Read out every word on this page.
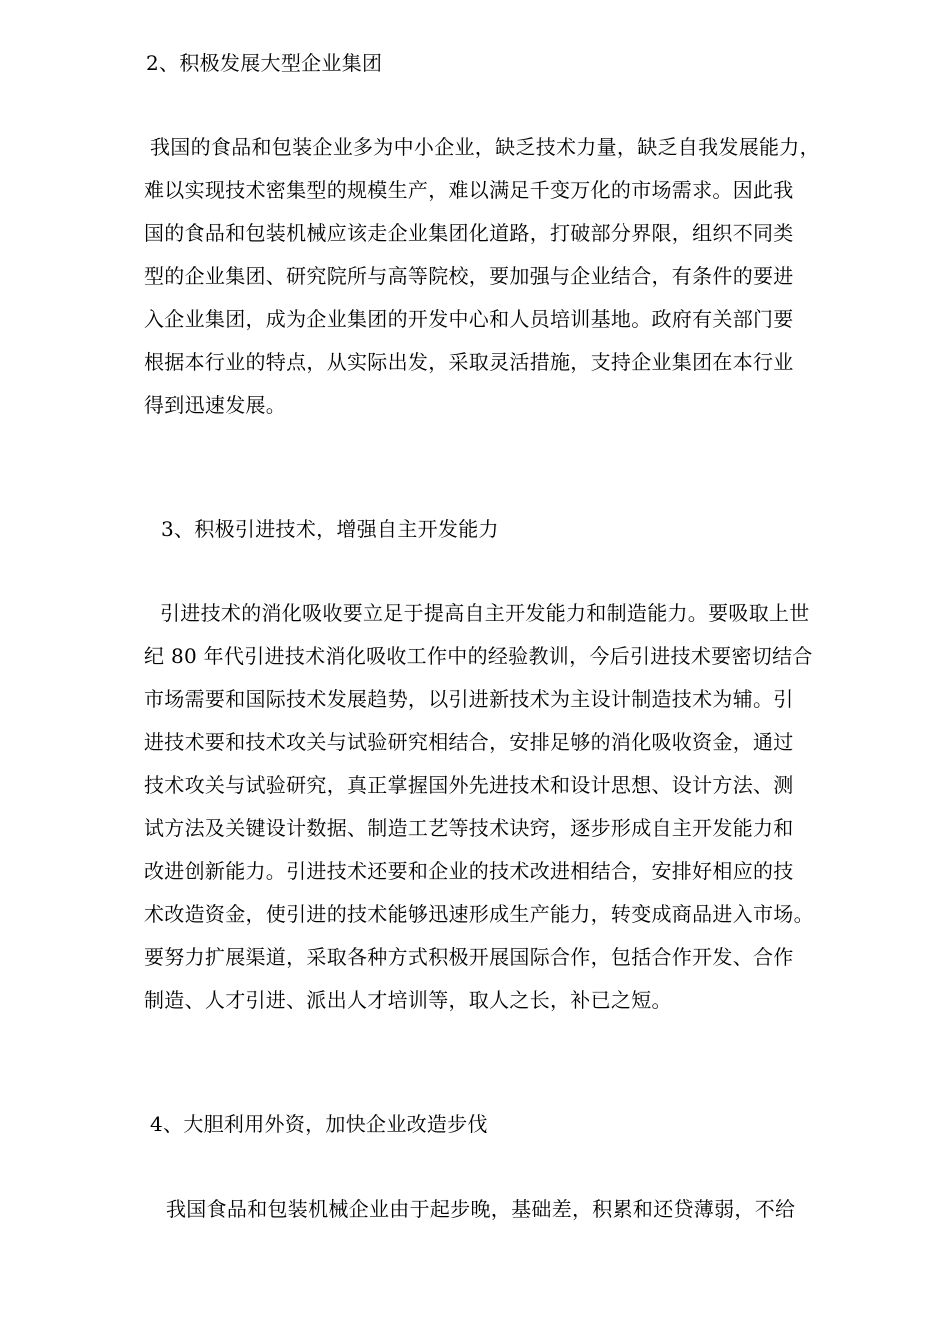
2、积极发展大型企业集团
我国的食品和包装企业多为中小企业，缺乏技术力量，缺乏自我发展能力，
难以实现技术密集型的规模生产，难以满足千变万化的市场需求。因此我
国的食品和包装机械应该走企业集团化道路，打破部分界限，组织不同类
型的企业集团、研究院所与高等院校，要加强与企业结合，有条件的要进
入企业集团，成为企业集团的开发中心和人员培训基地。政府有关部门要
根据本行业的特点，从实际出发，采取灵活措施，支持企业集团在本行业
得到迅速发展。
3、积极引进技术，增强自主开发能力
引进技术的消化吸收要立足于提高自主开发能力和制造能力。要吸取上世
纪 80 年代引进技术消化吸收工作中的经验教训，今后引进技术要密切结合
市场需要和国际技术发展趋势，以引进新技术为主设计制造技术为辅。引
进技术要和技术攻关与试验研究相结合，安排足够的消化吸收资金，通过
技术攻关与试验研究，真正掌握国外先进技术和设计思想、设计方法、测
试方法及关键设计数据、制造工艺等技术诀窍，逐步形成自主开发能力和
改进创新能力。引进技术还要和企业的技术改进相结合，安排好相应的技
术改造资金，使引进的技术能够迅速形成生产能力，转变成商品进入市场。
要努力扩展渠道，采取各种方式积极开展国际合作，包括合作开发、合作
制造、人才引进、派出人才培训等，取人之长，补已之短。
4、大胆利用外资，加快企业改造步伐
我国食品和包装机械企业由于起步晚，基础差，积累和还贷薄弱，不给
